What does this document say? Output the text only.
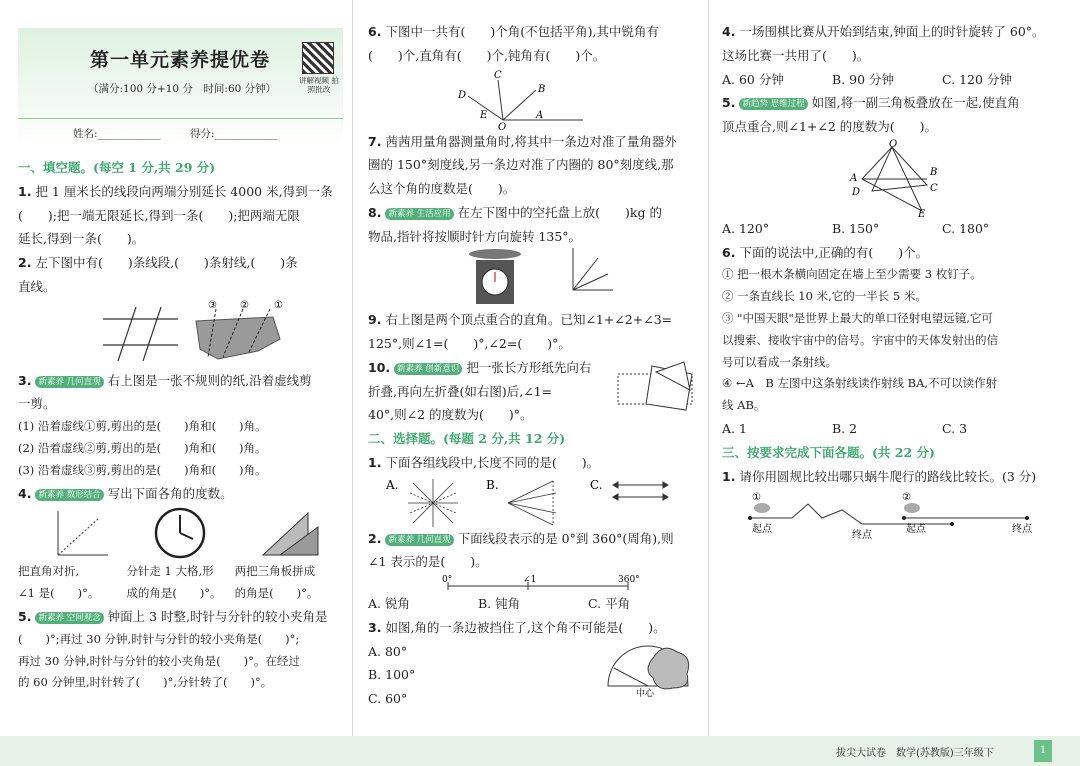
第一单元素养提优卷
（满分:100 分+10 分　时间:60 分钟）
讲解视频 拍照批改
姓名:____________	得分:____________
一、填空题。(每空 1 分,共 29 分)
1. 把 1 厘米长的线段向两端分别延长 4000 米,得到一条
(　　);把一端无限延长,得到一条(　　);把两端无限
延长,得到一条(　　)。
2. 左下图中有(　　)条线段,(　　)条射线,(　　)条
直线。
③ ②	①
3. 新素养 几何直观 右上图是一张不规则的纸,沿着虚线剪
一剪。
(1) 沿着虚线①剪,剪出的是(　　)角和(　　)角。
(2) 沿着虚线②剪,剪出的是(　　)角和(　　)角。
(3) 沿着虚线③剪,剪出的是(　　)角和(　　)角。
4. 新素养 数形结合 写出下面各角的度数。
把直角对折,	分针走 1 大格,形	两把三角板拼成
∠1 是(　　)°。	成的角是(　　)°。	的角是(　　)°。
5. 新素养 空间观念 钟面上 3 时整,时针与分针的较小夹角是
(　　)°;再过 30 分钟,时针与分针的较小夹角是(　　)°;
再过 30 分钟,时针与分针的较小夹角是(　　)°。在经过
的 60 分钟里,时针转了(　　)°,分针转了(　　)°。
6. 下图中一共有(　　)个角(不包括平角),其中锐角有
(　　)个,直角有(　　)个,钝角有(　　)个。
C
D
B
A
E
O
7. 茜茜用量角器测量角时,将其中一条边对准了量角器外
圈的 150°刻度线,另一条边对准了内圈的 80°刻度线,那
么这个角的度数是(　　)。
8. 新素养 生活应用 在左下图中的空托盘上放(　　)kg 的
物品,指针将按顺时针方向旋转 135°。
9. 右上图是两个顶点重合的直角。已知∠1+∠2+∠3=
125°,则∠1=(　　)°,∠2=(　　)°。
10. 新素养 创新意识 把一张长方形纸先向右
折叠,再向左折叠(如右图)后,∠1=
40°,则∠2 的度数为(　　)°。
二、选择题。(每题 2 分,共 12 分)
1. 下面各组线段中,长度不同的是(　　)。
A.	B.	C.
2. 新素养 几何直观 下面线段表示的是 0°到 360°(周角),则
∠1 表示的是(　　)。
0°	∠1	360°
A. 锐角	B. 钝角	C. 平角
3. 如图,角的一条边被挡住了,这个角不可能是(　　)。
A. 80°
B. 100°
C. 60°	中心
4. 一场围棋比赛从开始到结束,钟面上的时针旋转了 60°。
这场比赛一共用了(　　)。
A. 60 分钟	B. 90 分钟	C. 120 分钟
5. 新趋势 思维过程 如图,将一副三角板叠放在一起,使直角
顶点重合,则∠1+∠2 的度数为(　　)。
O
A
B
D	C
E
A. 120°	B. 150°	C. 180°
6. 下面的说法中,正确的有(　　)个。
① 把一根木条横向固定在墙上至少需要 3 枚钉子。
② 一条直线长 10 米,它的一半长 5 米。
③ "中国天眼"是世界上最大的单口径射电望远镜,它可
以搜索、接收宇宙中的信号。宇宙中的天体发射出的信
号可以看成一条射线。
④ ←A　B 左图中这条射线读作射线 BA,不可以读作射
线 AB。
A. 1	B. 2	C. 3
三、按要求完成下面各题。(共 22 分)
1. 请你用圆规比较出哪只蜗牛爬行的路线比较长。(3 分)
①
起点
终点
②
起点	终点
拔尖大试卷　数学(苏教版)三年级下	1
